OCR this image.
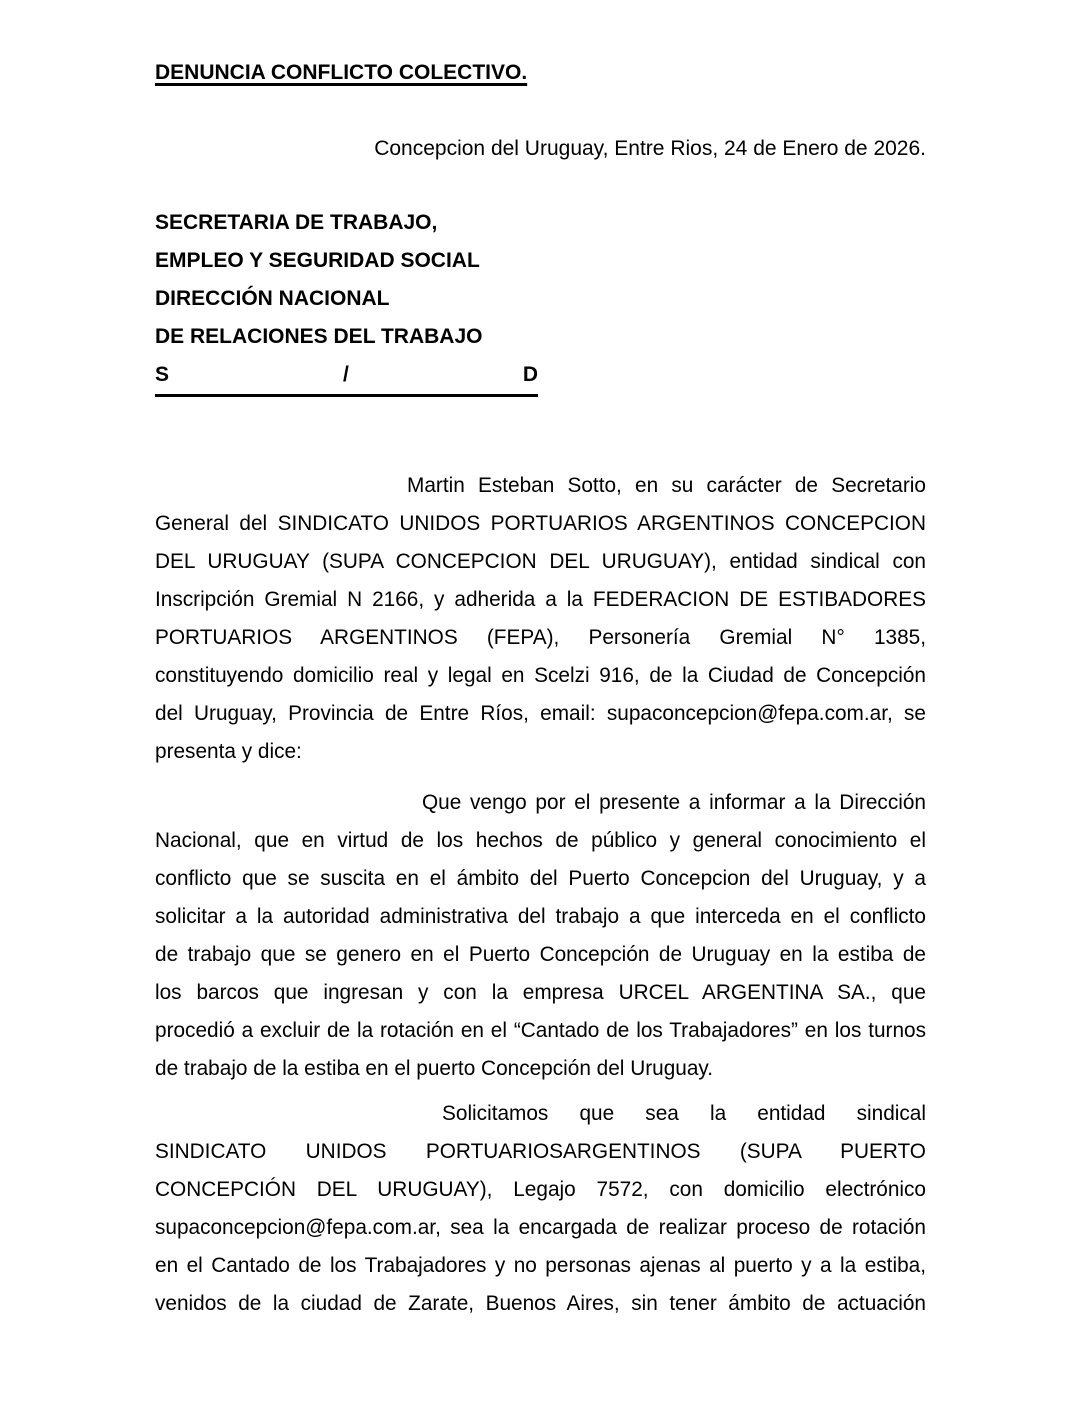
DENUNCIA CONFLICTO COLECTIVO.
Concepcion del Uruguay, Entre Rios, 24 de Enero de 2026.
SECRETARIA DE TRABAJO,
EMPLEO Y SEGURIDAD SOCIAL
DIRECCIÓN NACIONAL
DE RELACIONES DEL TRABAJO
S	/	D
Martin Esteban Sotto, en su carácter de Secretario
General del SINDICATO UNIDOS PORTUARIOS ARGENTINOS CONCEPCION
DEL URUGUAY (SUPA CONCEPCION DEL URUGUAY), entidad sindical con
Inscripción Gremial N 2166, y adherida a la FEDERACION DE ESTIBADORES
PORTUARIOS ARGENTINOS (FEPA), Personería Gremial N° 1385,
constituyendo domicilio real y legal en Scelzi 916, de la Ciudad de Concepción
del Uruguay, Provincia de Entre Ríos, email: supaconcepcion@fepa.com.ar, se
presenta y dice:
Que vengo por el presente a informar a la Dirección
Nacional, que en virtud de los hechos de público y general conocimiento el
conflicto que se suscita en el ámbito del Puerto Concepcion del Uruguay, y a
solicitar a la autoridad administrativa del trabajo a que interceda en el conflicto
de trabajo que se genero en el Puerto Concepción de Uruguay en la estiba de
los barcos que ingresan y con la empresa URCEL ARGENTINA SA., que
procedió a excluir de la rotación en el “Cantado de los Trabajadores” en los turnos
de trabajo de la estiba en el puerto Concepción del Uruguay.
Solicitamos que sea la entidad sindical
SINDICATO UNIDOS PORTUARIOSARGENTINOS (SUPA PUERTO
CONCEPCIÓN DEL URUGUAY), Legajo 7572, con domicilio electrónico
supaconcepcion@fepa.com.ar, sea la encargada de realizar proceso de rotación
en el Cantado de los Trabajadores y no personas ajenas al puerto y a la estiba,
venidos de la ciudad de Zarate, Buenos Aires, sin tener ámbito de actuación
